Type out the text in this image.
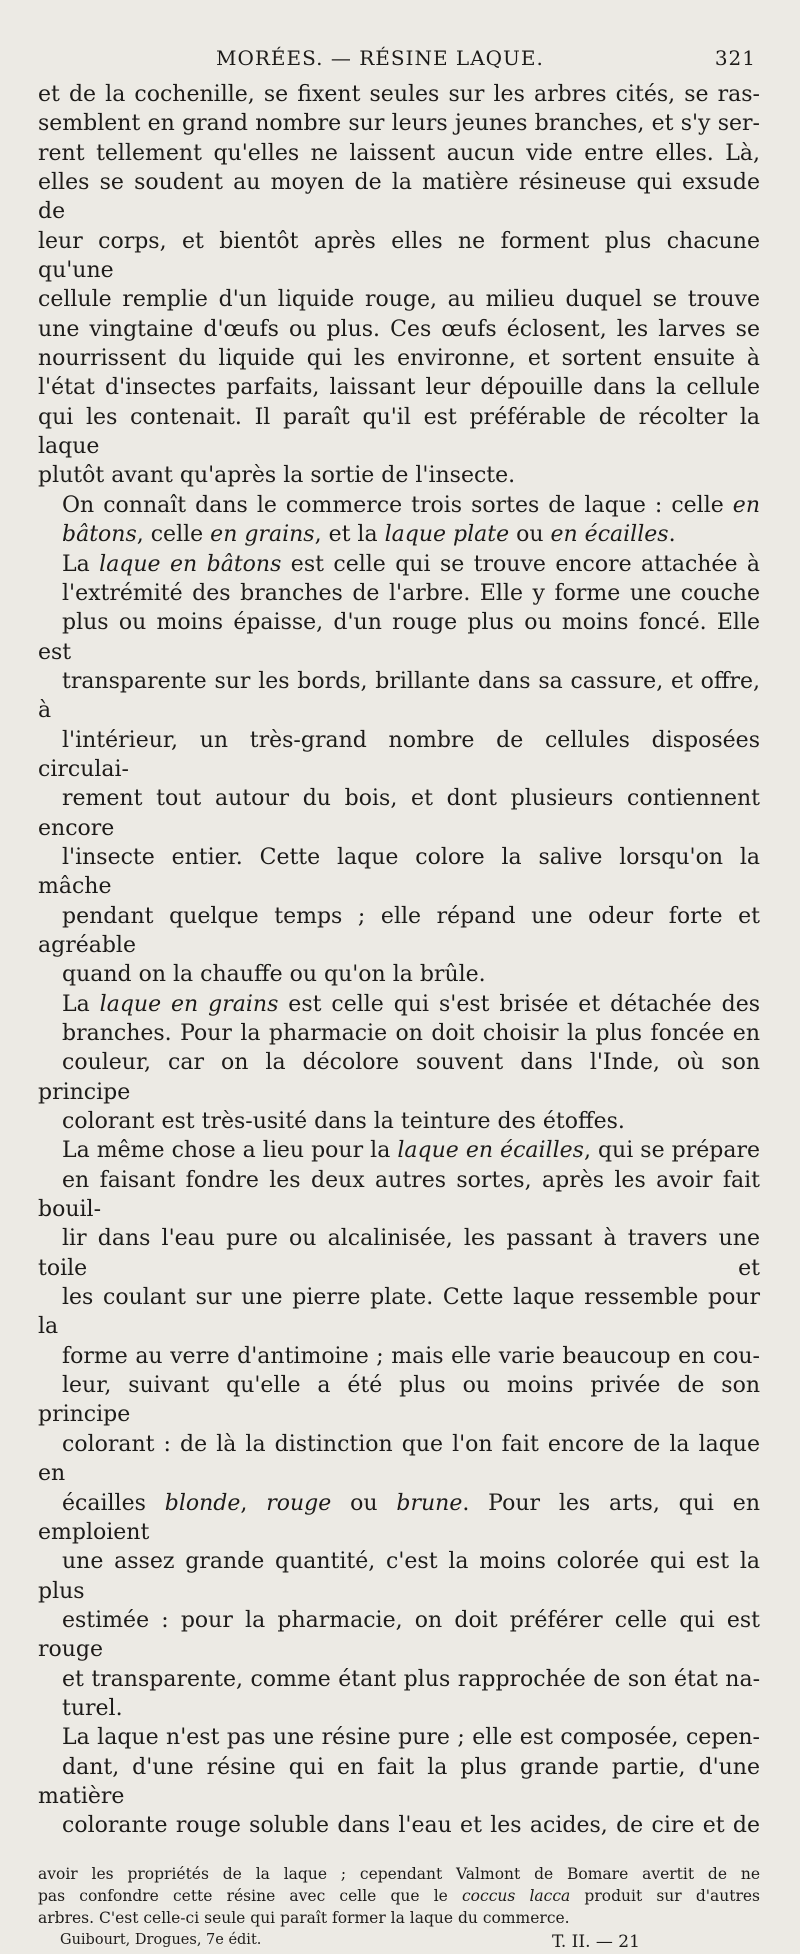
MORÉES. — RÉSINE LAQUE.	321

et de la cochenille, se fixent seules sur les arbres cités, se ras-
semblent en grand nombre sur leurs jeunes branches, et s'y ser-
rent tellement qu'elles ne laissent aucun vide entre elles. Là,
elles se soudent au moyen de la matière résineuse qui exsude de
leur corps, et bientôt après elles ne forment plus chacune qu'une
cellule remplie d'un liquide rouge, au milieu duquel se trouve
une vingtaine d'œufs ou plus. Ces œufs éclosent, les larves se
nourrissent du liquide qui les environne, et sortent ensuite à
l'état d'insectes parfaits, laissant leur dépouille dans la cellule
qui les contenait. Il paraît qu'il est préférable de récolter la laque
plutôt avant qu'après la sortie de l'insecte.

On connaît dans le commerce trois sortes de laque : celle en
bâtons, celle en grains, et la laque plate ou en écailles.

La laque en bâtons est celle qui se trouve encore attachée à
l'extrémité des branches de l'arbre. Elle y forme une couche
plus ou moins épaisse, d'un rouge plus ou moins foncé. Elle est
transparente sur les bords, brillante dans sa cassure, et offre, à
l'intérieur, un très-grand nombre de cellules disposées circulai-
rement tout autour du bois, et dont plusieurs contiennent encore
l'insecte entier. Cette laque colore la salive lorsqu'on la mâche
pendant quelque temps ; elle répand une odeur forte et agréable
quand on la chauffe ou qu'on la brûle.

La laque en grains est celle qui s'est brisée et détachée des
branches. Pour la pharmacie on doit choisir la plus foncée en
couleur, car on la décolore souvent dans l'Inde, où son principe
colorant est très-usité dans la teinture des étoffes.

La même chose a lieu pour la laque en écailles, qui se prépare
en faisant fondre les deux autres sortes, après les avoir fait bouil-
lir dans l'eau pure ou alcalinisée, les passant à travers une toile et
les coulant sur une pierre plate. Cette laque ressemble pour la
forme au verre d'antimoine ; mais elle varie beaucoup en cou-
leur, suivant qu'elle a été plus ou moins privée de son principe
colorant : de là la distinction que l'on fait encore de la laque en
écailles blonde, rouge ou brune. Pour les arts, qui en emploient
une assez grande quantité, c'est la moins colorée qui est la plus
estimée : pour la pharmacie, on doit préférer celle qui est rouge
et transparente, comme étant plus rapprochée de son état na-
turel.

La laque n'est pas une résine pure ; elle est composée, cepen-
dant, d'une résine qui en fait la plus grande partie, d'une matière
colorante rouge soluble dans l'eau et les acides, de cire et de

avoir les propriétés de la laque ; cependant Valmont de Bomare avertit de ne
pas confondre cette résine avec celle que le coccus lacca produit sur d'autres
arbres. C'est celle-ci seule qui paraît former la laque du commerce.
Guibourt, Drogues, 7e édit.	T. II. — 21
